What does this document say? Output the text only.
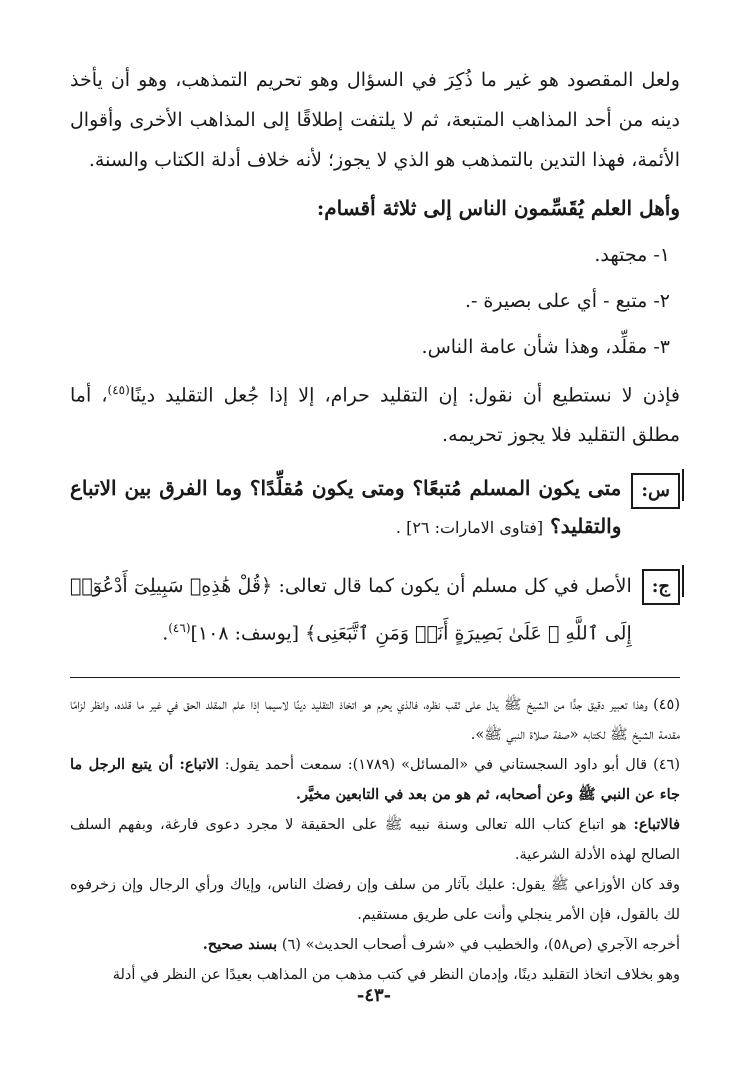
ولعل المقصود هو غير ما ذُكِرَ في السؤال وهو تحريم التمذهب، وهو أن يأخذ دينه من أحد المذاهب المتبعة، ثم لا يلتفت إطلاقًا إلى المذاهب الأخرى وأقوال الأئمة، فهذا التدين بالتمذهب هو الذي لا يجوز؛ لأنه خلاف أدلة الكتاب والسنة.

وأهل العلم يُقَسِّمون الناس إلى ثلاثة أقسام:

١- مجتهد.

٢- متبع - أي على بصيرة -.

٣- مقلِّد، وهذا شأن عامة الناس.

فإذن لا نستطيع أن نقول: إن التقليد حرام، إلا إذا جُعل التقليد دينًا$^{(٤٥)}$، أما مطلق التقليد فلا يجوز تحريمه.

س:

متى يكون المسلم مُتبعًا؟ ومتى يكون مُقلِّدًا؟ وما الفرق بين الاتباع والتقليد؟ [فتاوى الامارات: ٢٦] .

ج:

الأصل في كل مسلم أن يكون كما قال تعالى: ﴿قُلْ هَٰذِهِۦ سَبِيلِىٓ أَدْعُوٓا۟ إِلَى ٱللَّهِ ۚ عَلَىٰ بَصِيرَةٍ أَنَا۠ وَمَنِ ٱتَّبَعَنِى﴾ [يوسف: ١٠٨]$^{(٤٦)}$.

(٤٥) وهذا تعبير دقيق جدًّا من الشيخ ﷺ يدل على ثقب نظره، فالذي يحرم هو اتخاذ التقليد دينًا لاسيما إذا علم المقلد الحق في غير ما قلده، وانظر لزامًا مقدمة الشيخ ﷺ لكتابه «صفة صلاة النبي ﷺ».

(٤٦) قال أبو داود السجستاني في «المسائل» (١٧٨٩): سمعت أحمد يقول: الاتباع: أن يتبع الرجل ما جاء عن النبي ﷺ وعن أصحابه، ثم هو من بعد في التابعين مخيَّر.

فالاتباع: هو اتباع كتاب الله تعالى وسنة نبيه ﷺ على الحقيقة لا مجرد دعوى فارغة، وبفهم السلف الصالح لهذه الأدلة الشرعية.

وقد كان الأوزاعي ﷺ يقول: عليك بآثار من سلف وإن رفضك الناس، وإياك ورأي الرجال وإن زخرفوه لك بالقول، فإن الأمر ينجلي وأنت على طريق مستقيم.

أخرجه الآجري (ص٥٨)، والخطيب في «شرف أصحاب الحديث» (٦) بسند صحيح.

وهو بخلاف اتخاذ التقليد دينًا، وإدمان النظر في كتب مذهب من المذاهب بعيدًا عن النظر في أدلة

-٤٣-
